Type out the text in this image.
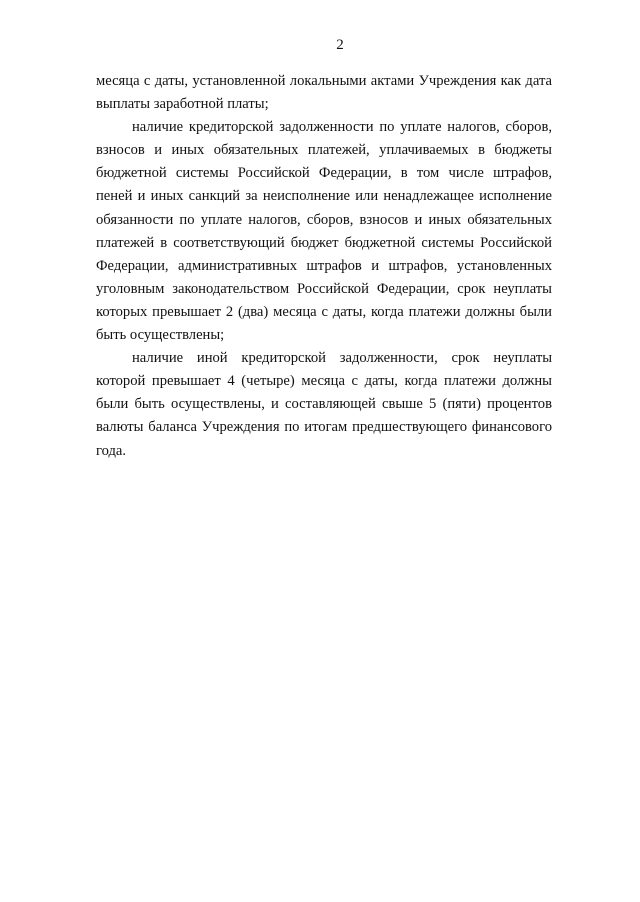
2

месяца с даты, установленной локальными актами Учреждения как дата выплаты заработной платы;

наличие кредиторской задолженности по уплате налогов, сборов, взносов и иных обязательных платежей, уплачиваемых в бюджеты бюджетной системы Российской Федерации, в том числе штрафов, пеней и иных санкций за неисполнение или ненадлежащее исполнение обязанности по уплате налогов, сборов, взносов и иных обязательных платежей в соответствующий бюджет бюджетной системы Российской Федерации, административных штрафов и штрафов, установленных уголовным законодательством Российской Федерации, срок неуплаты которых превышает 2 (два) месяца с даты, когда платежи должны были быть осуществлены;

наличие иной кредиторской задолженности, срок неуплаты которой превышает 4 (четыре) месяца с даты, когда платежи должны были быть осуществлены, и составляющей свыше 5 (пяти) процентов валюты баланса Учреждения по итогам предшествующего финансового года.
